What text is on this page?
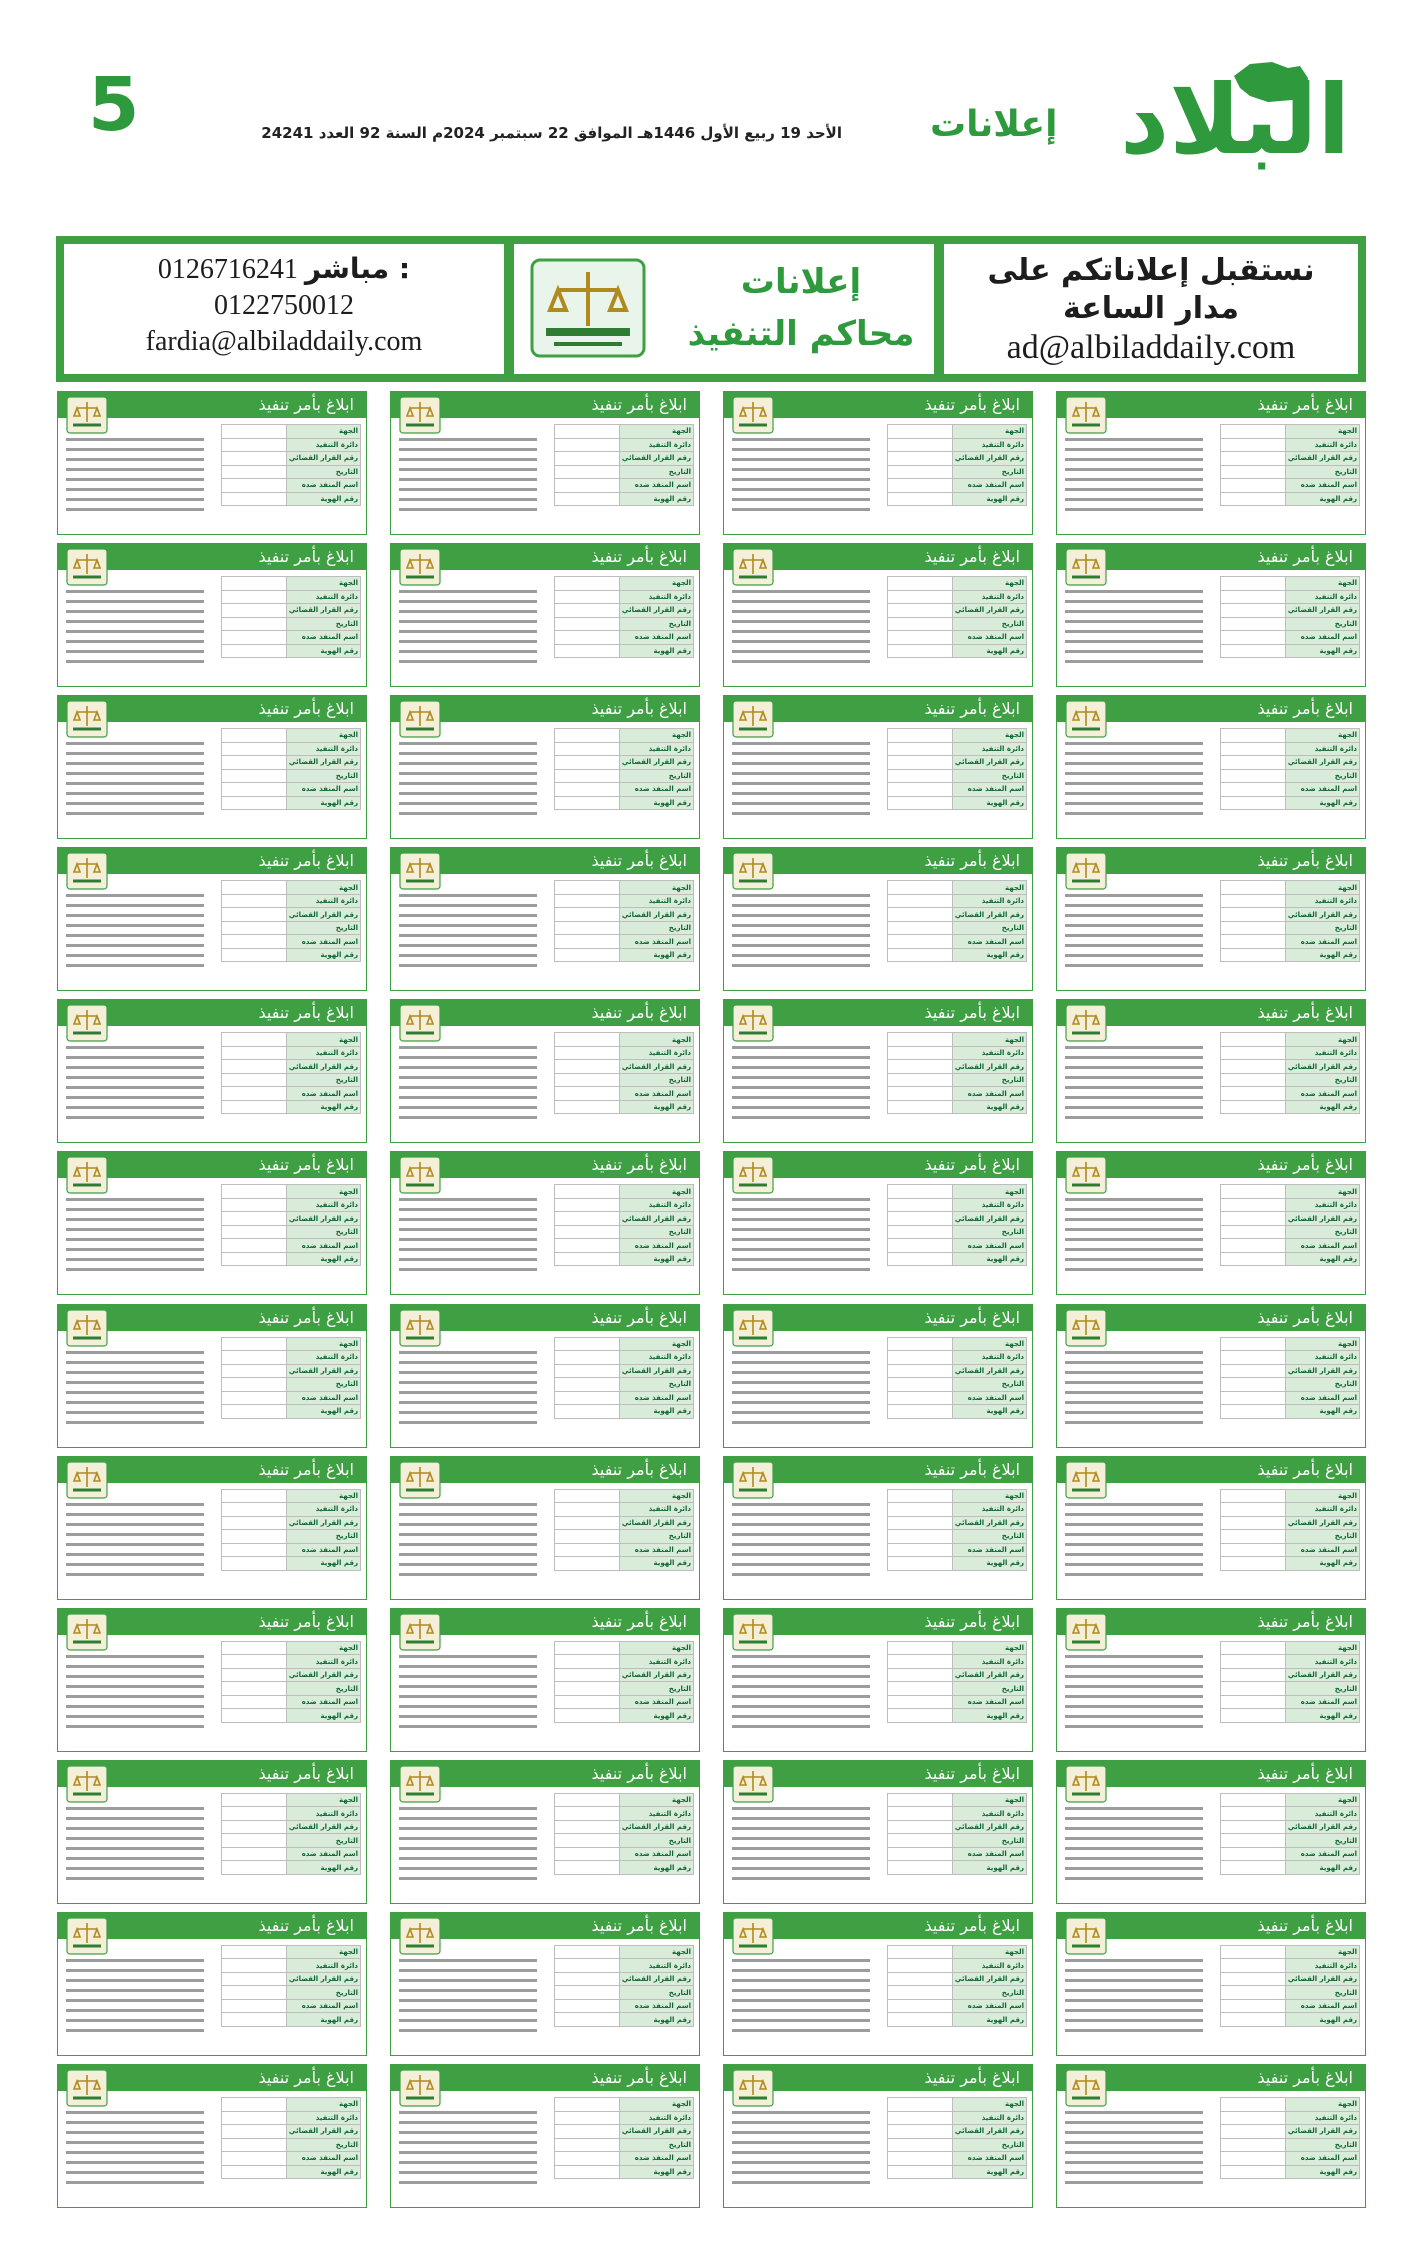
5	الأحد 19 ربيع الأول 1446هـ الموافق 22 سبتمبر 2024م السنة 92 العدد 24241 إعلانات البلاد
0126716241 مباشر :
0122750012
fardia@albiladdaily.com
إعلانات
محاكم التنفيذ
نستقبل إعلاناتكم على
مدار الساعة
ad@albiladdaily.com
ابلاغ بأمر تنفيذ
الجهة	
دائرة التنفيذ	
رقم القرار القضائي	
التاريخ	
اسم المنفذ ضده	
رقم الهوية	
ابلاغ بأمر تنفيذ
الجهة	
دائرة التنفيذ	
رقم القرار القضائي	
التاريخ	
اسم المنفذ ضده	
رقم الهوية	
ابلاغ بأمر تنفيذ
الجهة	
دائرة التنفيذ	
رقم القرار القضائي	
التاريخ	
اسم المنفذ ضده	
رقم الهوية	
ابلاغ بأمر تنفيذ
الجهة	
دائرة التنفيذ	
رقم القرار القضائي	
التاريخ	
اسم المنفذ ضده	
رقم الهوية	
ابلاغ بأمر تنفيذ
الجهة	
دائرة التنفيذ	
رقم القرار القضائي	
التاريخ	
اسم المنفذ ضده	
رقم الهوية	
ابلاغ بأمر تنفيذ
الجهة	
دائرة التنفيذ	
رقم القرار القضائي	
التاريخ	
اسم المنفذ ضده	
رقم الهوية	
ابلاغ بأمر تنفيذ
الجهة	
دائرة التنفيذ	
رقم القرار القضائي	
التاريخ	
اسم المنفذ ضده	
رقم الهوية	
ابلاغ بأمر تنفيذ
الجهة	
دائرة التنفيذ	
رقم القرار القضائي	
التاريخ	
اسم المنفذ ضده	
رقم الهوية	
ابلاغ بأمر تنفيذ
الجهة	
دائرة التنفيذ	
رقم القرار القضائي	
التاريخ	
اسم المنفذ ضده	
رقم الهوية	
ابلاغ بأمر تنفيذ
الجهة	
دائرة التنفيذ	
رقم القرار القضائي	
التاريخ	
اسم المنفذ ضده	
رقم الهوية	
ابلاغ بأمر تنفيذ
الجهة	
دائرة التنفيذ	
رقم القرار القضائي	
التاريخ	
اسم المنفذ ضده	
رقم الهوية	
ابلاغ بأمر تنفيذ
الجهة	
دائرة التنفيذ	
رقم القرار القضائي	
التاريخ	
اسم المنفذ ضده	
رقم الهوية	
ابلاغ بأمر تنفيذ
الجهة	
دائرة التنفيذ	
رقم القرار القضائي	
التاريخ	
اسم المنفذ ضده	
رقم الهوية	
ابلاغ بأمر تنفيذ
الجهة	
دائرة التنفيذ	
رقم القرار القضائي	
التاريخ	
اسم المنفذ ضده	
رقم الهوية	
ابلاغ بأمر تنفيذ
الجهة	
دائرة التنفيذ	
رقم القرار القضائي	
التاريخ	
اسم المنفذ ضده	
رقم الهوية	
ابلاغ بأمر تنفيذ
الجهة	
دائرة التنفيذ	
رقم القرار القضائي	
التاريخ	
اسم المنفذ ضده	
رقم الهوية	
ابلاغ بأمر تنفيذ
الجهة	
دائرة التنفيذ	
رقم القرار القضائي	
التاريخ	
اسم المنفذ ضده	
رقم الهوية	
ابلاغ بأمر تنفيذ
الجهة	
دائرة التنفيذ	
رقم القرار القضائي	
التاريخ	
اسم المنفذ ضده	
رقم الهوية	
ابلاغ بأمر تنفيذ
الجهة	
دائرة التنفيذ	
رقم القرار القضائي	
التاريخ	
اسم المنفذ ضده	
رقم الهوية	
ابلاغ بأمر تنفيذ
الجهة	
دائرة التنفيذ	
رقم القرار القضائي	
التاريخ	
اسم المنفذ ضده	
رقم الهوية	
ابلاغ بأمر تنفيذ
الجهة	
دائرة التنفيذ	
رقم القرار القضائي	
التاريخ	
اسم المنفذ ضده	
رقم الهوية	
ابلاغ بأمر تنفيذ
الجهة	
دائرة التنفيذ	
رقم القرار القضائي	
التاريخ	
اسم المنفذ ضده	
رقم الهوية	
ابلاغ بأمر تنفيذ
الجهة	
دائرة التنفيذ	
رقم القرار القضائي	
التاريخ	
اسم المنفذ ضده	
رقم الهوية	
ابلاغ بأمر تنفيذ
الجهة	
دائرة التنفيذ	
رقم القرار القضائي	
التاريخ	
اسم المنفذ ضده	
رقم الهوية	
ابلاغ بأمر تنفيذ
الجهة	
دائرة التنفيذ	
رقم القرار القضائي	
التاريخ	
اسم المنفذ ضده	
رقم الهوية	
ابلاغ بأمر تنفيذ
الجهة	
دائرة التنفيذ	
رقم القرار القضائي	
التاريخ	
اسم المنفذ ضده	
رقم الهوية	
ابلاغ بأمر تنفيذ
الجهة	
دائرة التنفيذ	
رقم القرار القضائي	
التاريخ	
اسم المنفذ ضده	
رقم الهوية	
ابلاغ بأمر تنفيذ
الجهة	
دائرة التنفيذ	
رقم القرار القضائي	
التاريخ	
اسم المنفذ ضده	
رقم الهوية	
ابلاغ بأمر تنفيذ
الجهة	
دائرة التنفيذ	
رقم القرار القضائي	
التاريخ	
اسم المنفذ ضده	
رقم الهوية	
ابلاغ بأمر تنفيذ
الجهة	
دائرة التنفيذ	
رقم القرار القضائي	
التاريخ	
اسم المنفذ ضده	
رقم الهوية	
ابلاغ بأمر تنفيذ
الجهة	
دائرة التنفيذ	
رقم القرار القضائي	
التاريخ	
اسم المنفذ ضده	
رقم الهوية	
ابلاغ بأمر تنفيذ
الجهة	
دائرة التنفيذ	
رقم القرار القضائي	
التاريخ	
اسم المنفذ ضده	
رقم الهوية	
ابلاغ بأمر تنفيذ
الجهة	
دائرة التنفيذ	
رقم القرار القضائي	
التاريخ	
اسم المنفذ ضده	
رقم الهوية	
ابلاغ بأمر تنفيذ
الجهة	
دائرة التنفيذ	
رقم القرار القضائي	
التاريخ	
اسم المنفذ ضده	
رقم الهوية	
ابلاغ بأمر تنفيذ
الجهة	
دائرة التنفيذ	
رقم القرار القضائي	
التاريخ	
اسم المنفذ ضده	
رقم الهوية	
ابلاغ بأمر تنفيذ
الجهة	
دائرة التنفيذ	
رقم القرار القضائي	
التاريخ	
اسم المنفذ ضده	
رقم الهوية	
ابلاغ بأمر تنفيذ
الجهة	
دائرة التنفيذ	
رقم القرار القضائي	
التاريخ	
اسم المنفذ ضده	
رقم الهوية	
ابلاغ بأمر تنفيذ
الجهة	
دائرة التنفيذ	
رقم القرار القضائي	
التاريخ	
اسم المنفذ ضده	
رقم الهوية	
ابلاغ بأمر تنفيذ
الجهة	
دائرة التنفيذ	
رقم القرار القضائي	
التاريخ	
اسم المنفذ ضده	
رقم الهوية	
ابلاغ بأمر تنفيذ
الجهة	
دائرة التنفيذ	
رقم القرار القضائي	
التاريخ	
اسم المنفذ ضده	
رقم الهوية	
ابلاغ بأمر تنفيذ
الجهة	
دائرة التنفيذ	
رقم القرار القضائي	
التاريخ	
اسم المنفذ ضده	
رقم الهوية	
ابلاغ بأمر تنفيذ
الجهة	
دائرة التنفيذ	
رقم القرار القضائي	
التاريخ	
اسم المنفذ ضده	
رقم الهوية	
ابلاغ بأمر تنفيذ
الجهة	
دائرة التنفيذ	
رقم القرار القضائي	
التاريخ	
اسم المنفذ ضده	
رقم الهوية	
ابلاغ بأمر تنفيذ
الجهة	
دائرة التنفيذ	
رقم القرار القضائي	
التاريخ	
اسم المنفذ ضده	
رقم الهوية	
ابلاغ بأمر تنفيذ
الجهة	
دائرة التنفيذ	
رقم القرار القضائي	
التاريخ	
اسم المنفذ ضده	
رقم الهوية	
ابلاغ بأمر تنفيذ
الجهة	
دائرة التنفيذ	
رقم القرار القضائي	
التاريخ	
اسم المنفذ ضده	
رقم الهوية	
ابلاغ بأمر تنفيذ
الجهة	
دائرة التنفيذ	
رقم القرار القضائي	
التاريخ	
اسم المنفذ ضده	
رقم الهوية	
ابلاغ بأمر تنفيذ
الجهة	
دائرة التنفيذ	
رقم القرار القضائي	
التاريخ	
اسم المنفذ ضده	
رقم الهوية	
